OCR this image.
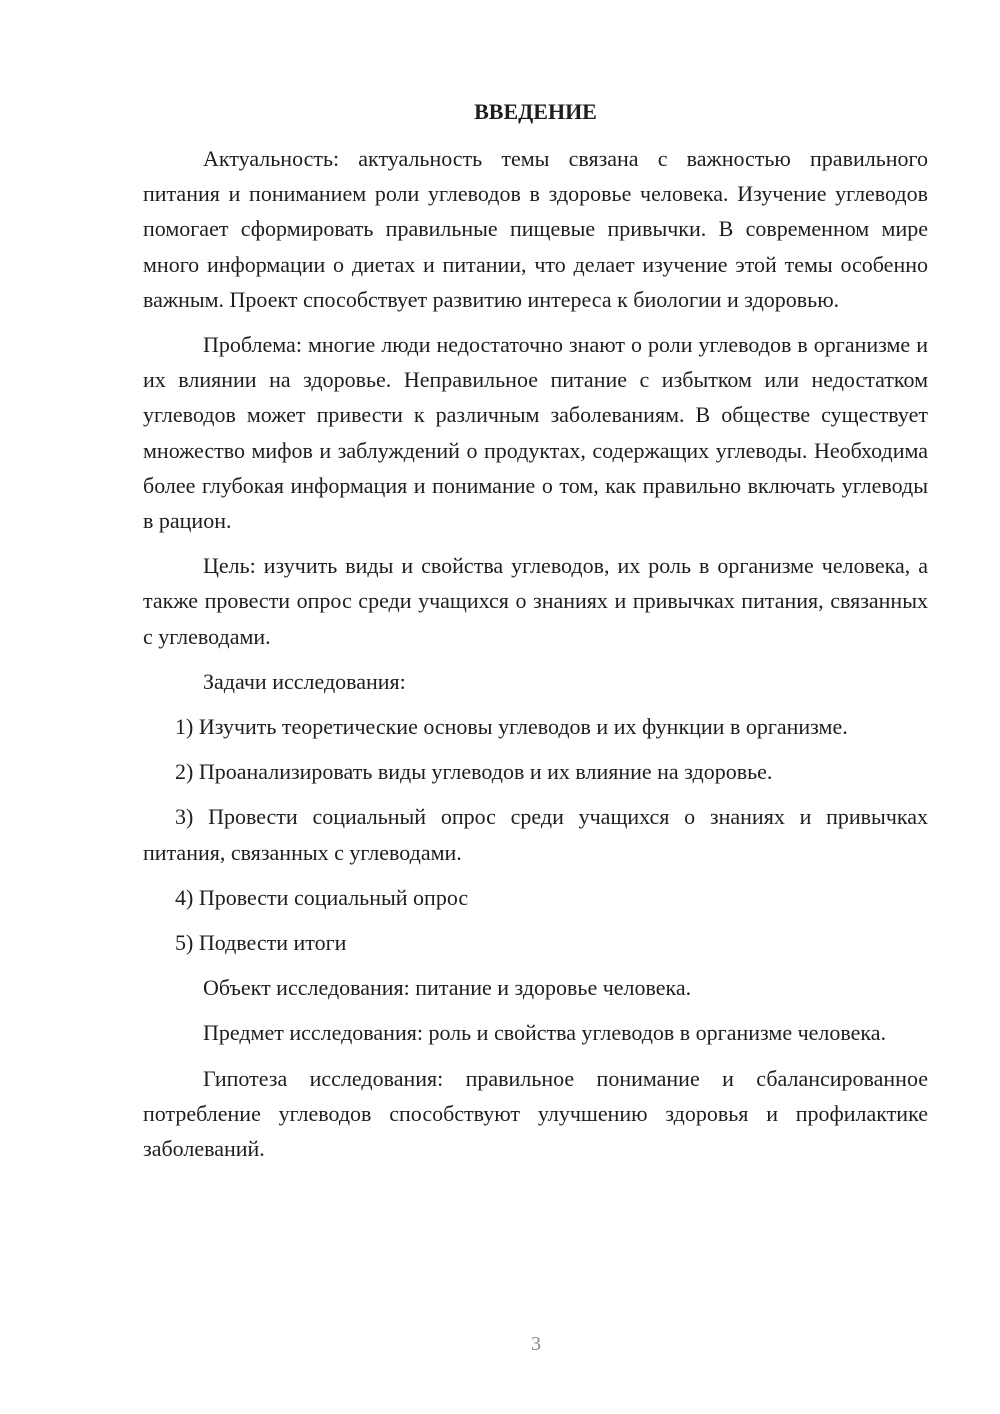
ВВЕДЕНИЕ

Актуальность: актуальность темы связана с важностью правильного питания и пониманием роли углеводов в здоровье человека. Изучение углеводов помогает сформировать правильные пищевые привычки. В современном мире много информации о диетах и питании, что делает изучение этой темы особенно важным. Проект способствует развитию интереса к биологии и здоровью.

Проблема: многие люди недостаточно знают о роли углеводов в организме и их влиянии на здоровье. Неправильное питание с избытком или недостатком углеводов может привести к различным заболеваниям. В обществе существует множество мифов и заблуждений о продуктах, содержащих углеводы. Необходима более глубокая информация и понимание о том, как правильно включать углеводы в рацион.

Цель: изучить виды и свойства углеводов, их роль в организме человека, а также провести опрос среди учащихся о знаниях и привычках питания, связанных с углеводами.

Задачи исследования:

1) Изучить теоретические основы углеводов и их функции в организме.

2) Проанализировать виды углеводов и их влияние на здоровье.

3) Провести социальный опрос среди учащихся о знаниях и привычках питания, связанных с углеводами.

4) Провести социальный опрос

5) Подвести итоги

Объект исследования: питание и здоровье человека.

Предмет исследования: роль и свойства углеводов в организме человека.

Гипотеза исследования: правильное понимание и сбалансированное потребление углеводов способствуют улучшению здоровья и профилактике заболеваний.

3
